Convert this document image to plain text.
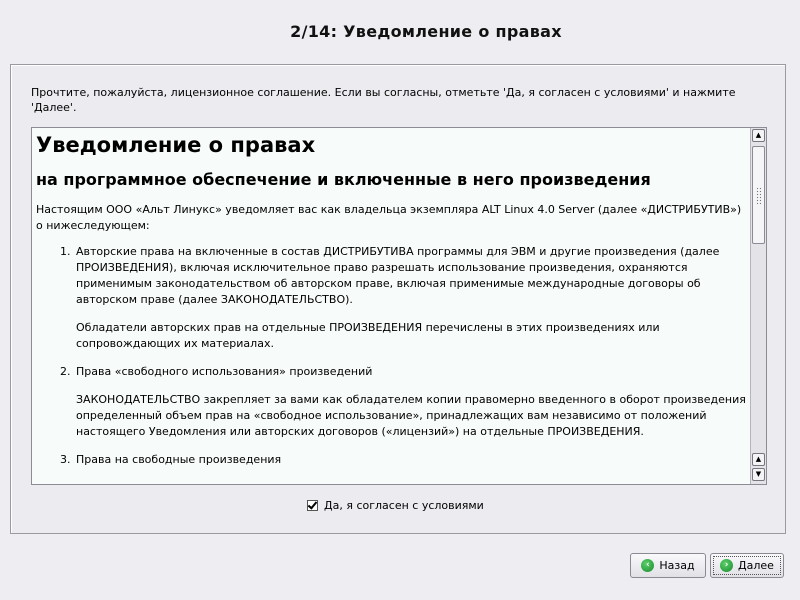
2/14: Уведомление о правах
Прочтите, пожалуйста, лицензионное соглашение. Если вы согласны, отметьте 'Да, я согласен с условиями' и нажмите 'Далее'.
Уведомление о правах
на программное обеспечение и включенные в него произведения
Настоящим ООО «Альт Линукс» уведомляет вас как владельца экземпляра ALT Linux 4.0 Server (далее «ДИСТРИБУТИВ») о нижеследующем:
1. Авторские права на включенные в состав ДИСТРИБУТИВА программы для ЭВМ и другие произведения (далее ПРОИЗВЕДЕНИЯ), включая исключительное право разрешать использование произведения, охраняются применимым законодательством об авторском праве, включая применимые международные договоры об авторском праве (далее ЗАКОНОДАТЕЛЬСТВО).
Обладатели авторских прав на отдельные ПРОИЗВЕДЕНИЯ перечислены в этих произведениях или сопровождающих их материалах.
2. Права «свободного использования» произведений
ЗАКОНОДАТЕЛЬСТВО закрепляет за вами как обладателем копии правомерно введенного в оборот произведения определенный объем прав на «свободное использование», принадлежащих вам независимо от положений настоящего Уведомления или авторских договоров («лицензий») на отдельные ПРОИЗВЕДЕНИЯ.
3. Права на свободные произведения
▲
▲
▼
Да, я согласен с условиями
‹ Назад	› Далее
